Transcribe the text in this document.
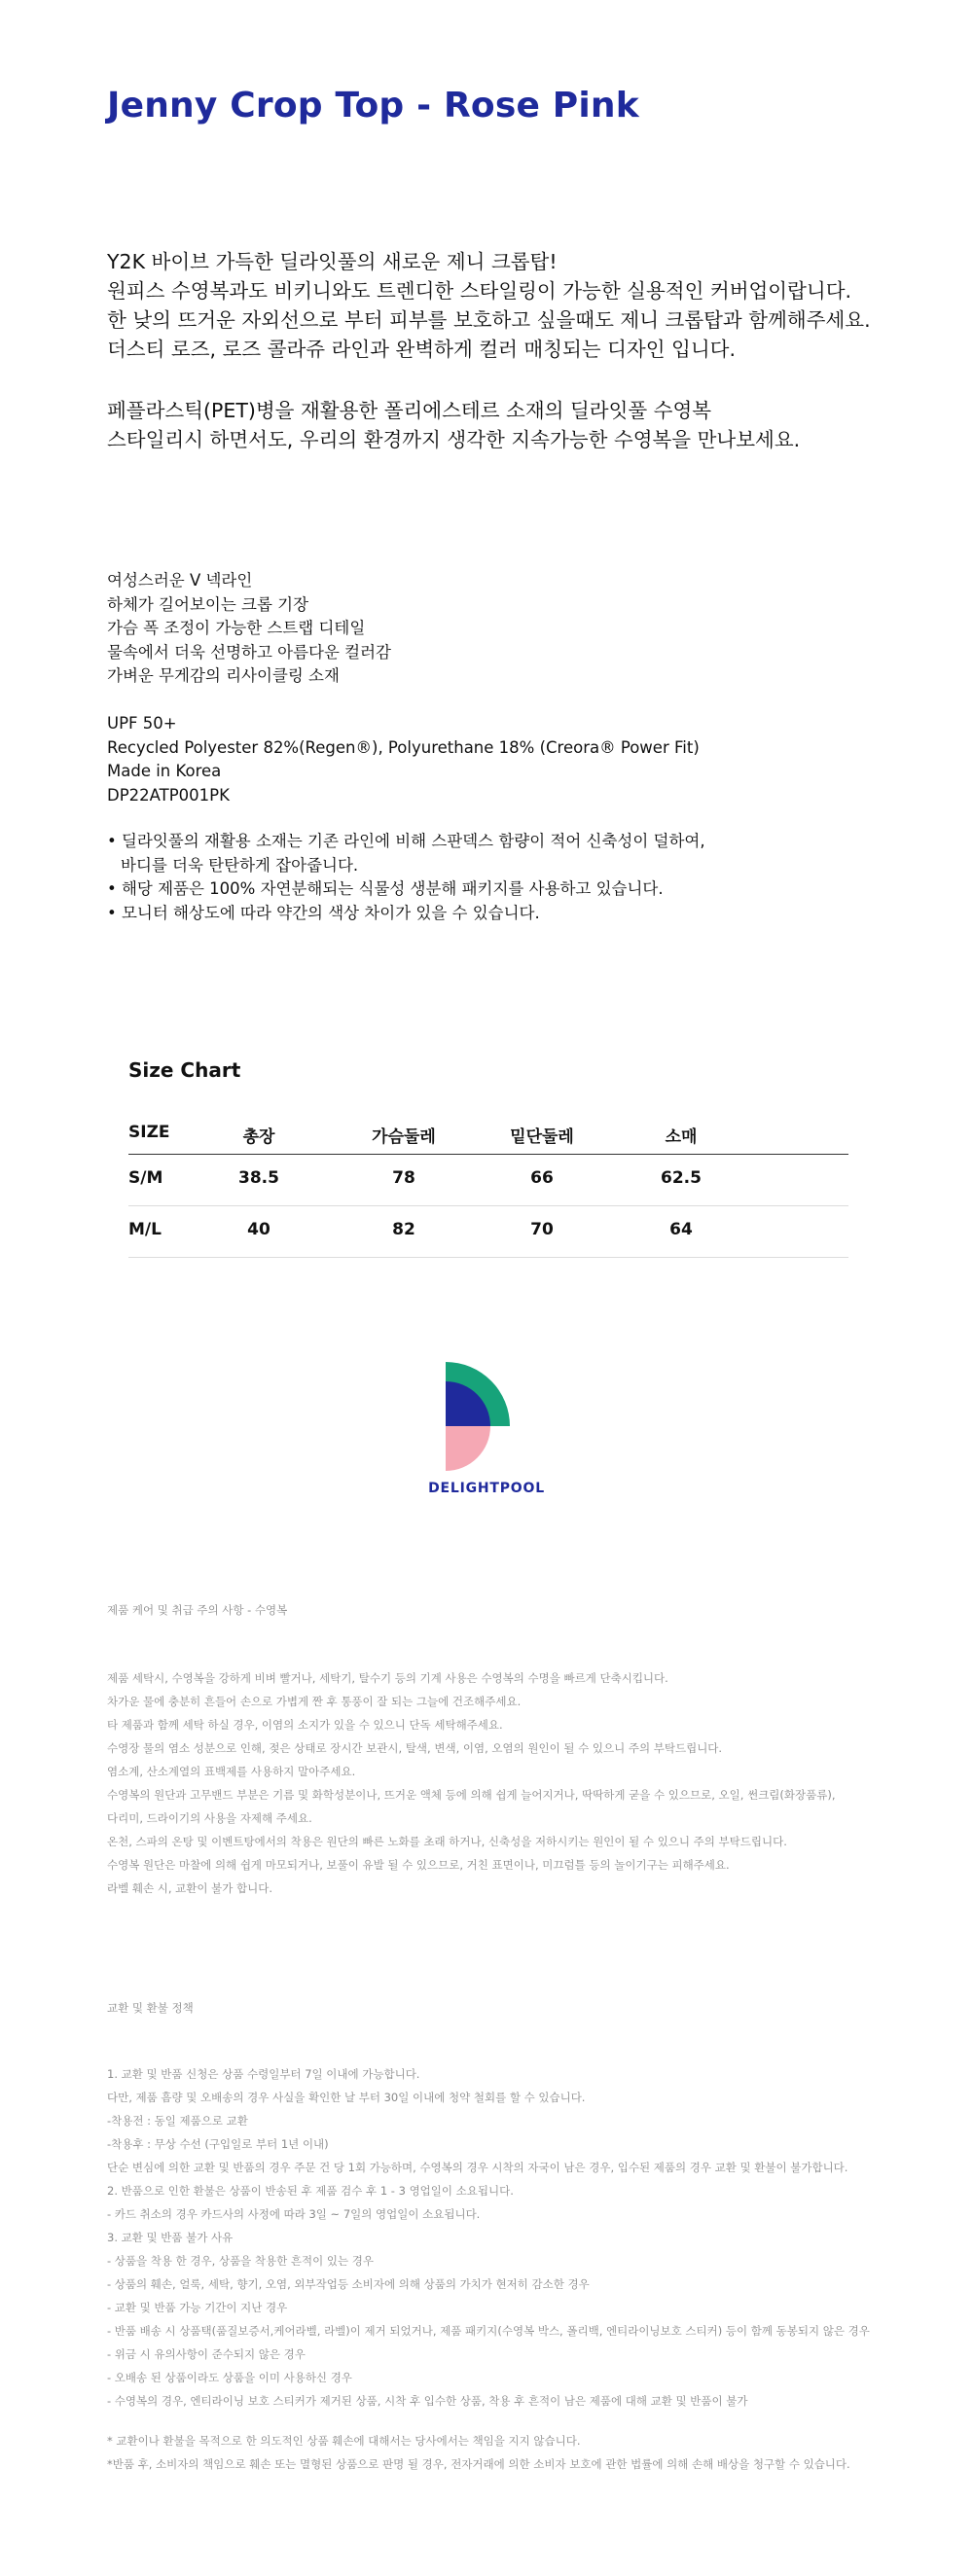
Jenny Crop Top - Rose Pink
Y2K 바이브 가득한 딜라잇풀의 새로운 제니 크롭탑!
원피스 수영복과도 비키니와도 트렌디한 스타일링이 가능한 실용적인 커버업이랍니다.
한 낮의 뜨거운 자외선으로 부터 피부를 보호하고 싶을때도 제니 크롭탑과 함께해주세요.
더스티 로즈, 로즈 콜라쥬 라인과 완벽하게 컬러 매칭되는 디자인 입니다.
페플라스틱(PET)병을 재활용한 폴리에스테르 소재의 딜라잇풀 수영복
스타일리시 하면서도, 우리의 환경까지 생각한 지속가능한 수영복을 만나보세요.
여성스러운 V 넥라인
하체가 길어보이는 크롭 기장
가슴 폭 조정이 가능한 스트랩 디테일
물속에서 더욱 선명하고 아름다운 컬러감
가벼운 무게감의 리사이클링 소재
UPF 50+
Recycled Polyester 82%(Regen®), Polyurethane 18% (Creora® Power Fit)
Made in Korea
DP22ATP001PK
• 딜라잇풀의 재활용 소재는 기존 라인에 비해 스판덱스 함량이 적어 신축성이 덜하여,
바디를 더욱 탄탄하게 잡아줍니다.
• 해당 제품은 100% 자연분해되는 식물성 생분해 패키지를 사용하고 있습니다.
• 모니터 해상도에 따라 약간의 색상 차이가 있을 수 있습니다.
Size Chart
SIZE	총장	가슴둘레	밑단둘레	소매
S/M	38.5	78	66	62.5
M/L	40	82	70	64
DELIGHTPOOL
제품 케어 및 취급 주의 사항 - 수영복
제품 세탁시, 수영복을 강하게 비벼 빨거나, 세탁기, 탈수기 등의 기계 사용은 수영복의 수명을 빠르게 단축시킵니다.
차가운 물에 충분히 흔들어 손으로 가볍게 짠 후 통풍이 잘 되는 그늘에 건조해주세요.
타 제품과 함께 세탁 하실 경우, 이염의 소지가 있을 수 있으니 단독 세탁해주세요.
수영장 물의 염소 성분으로 인해, 젖은 상태로 장시간 보관시, 탈색, 변색, 이염, 오염의 원인이 될 수 있으니 주의 부탁드립니다.
염소계, 산소계열의 표백제를 사용하지 말아주세요.
수영복의 원단과 고무밴드 부분은 기름 및 화학성분이나, 뜨거운 액체 등에 의해 쉽게 늘어지거나, 딱딱하게 굳을 수 있으므로, 오일, 썬크림(화장품류),
다리미, 드라이기의 사용을 자제해 주세요.
온천, 스파의 온탕 및 이벤트탕에서의 착용은 원단의 빠른 노화를 초래 하거나, 신축성을 저하시키는 원인이 될 수 있으니 주의 부탁드립니다.
수영복 원단은 마찰에 의해 쉽게 마모되거나, 보풀이 유발 될 수 있으므로, 거친 표면이나, 미끄럼틀 등의 놀이기구는 피해주세요.
라벨 훼손 시, 교환이 불가 합니다.
교환 및 환불 정책
1. 교환 및 반품 신청은 상품 수령일부터 7일 이내에 가능합니다.
다만, 제품 흠량 및 오배송의 경우 사실을 확인한 날 부터 30일 이내에 청약 철회를 할 수 있습니다.
-착용전 : 동일 제품으로 교환
-착용후 : 무상 수선 (구입일로 부터 1년 이내)
단순 변심에 의한 교환 및 반품의 경우 주문 건 당 1회 가능하며, 수영복의 경우 시착의 자국이 남은 경우, 입수된 제품의 경우 교환 및 환불이 불가합니다.
2. 반품으로 인한 환불은 상품이 반송된 후 제품 검수 후 1 - 3 영업일이 소요됩니다.
- 카드 취소의 경우 카드사의 사정에 따라 3일 ~ 7일의 영업일이 소요됩니다.
3. 교환 및 반품 불가 사유
- 상품을 착용 한 경우, 상품을 착용한 흔적이 있는 경우
- 상품의 훼손, 얼룩, 세탁, 향기, 오염, 외부작업등 소비자에 의해 상품의 가치가 현저히 감소한 경우
- 교환 및 반품 가능 기간이 지난 경우
- 반품 배송 시 상품택(품질보증서,케어라벨, 라벨)이 제거 되었거나, 제품 패키지(수영복 박스, 폴리백, 엔티라이닝보호 스티커) 등이 함께 동봉되지 않은 경우
- 위금 시 유의사항이 준수되지 않은 경우
- 오배송 된 상품이라도 상품을 이미 사용하신 경우
- 수영복의 경우, 엔티라이닝 보호 스티커가 제거된 상품, 시착 후 입수한 상품, 착용 후 흔적이 남은 제품에 대해 교환 및 반품이 불가
* 교환이나 환불을 목적으로 한 의도적인 상품 훼손에 대해서는 당사에서는 책임을 지지 않습니다.
*반품 후, 소비자의 책임으로 훼손 또는 멸형된 상품으로 판명 될 경우, 전자거래에 의한 소비자 보호에 관한 법률에 의해 손해 배상을 청구할 수 있습니다.
